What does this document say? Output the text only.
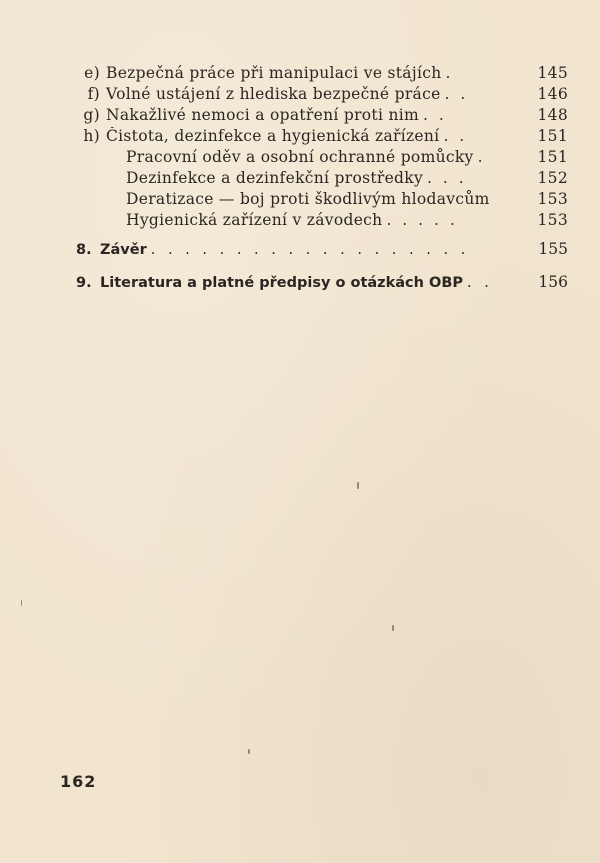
e) Bezpečná práce při manipulaci ve stájích .	145
f) Volné ustájení z hlediska bezpečné práce . .	146
g) Nakažlivé nemoci a opatření proti nim . .	148
h) Čistota, dezinfekce a hygienická zařízení . .	151
Pracovní oděv a osobní ochranné pomůcky .	151
Dezinfekce a dezinfekční prostředky . . .	152
Deratizace — boj proti škodlivým hlodavcům	153
Hygienická zařízení v závodech . . . . .	153
8. Závěr . . . . . . . . . . . . . . . . . . .	155
9. Literatura a platné předpisy o otázkách OBP . .	156
162
